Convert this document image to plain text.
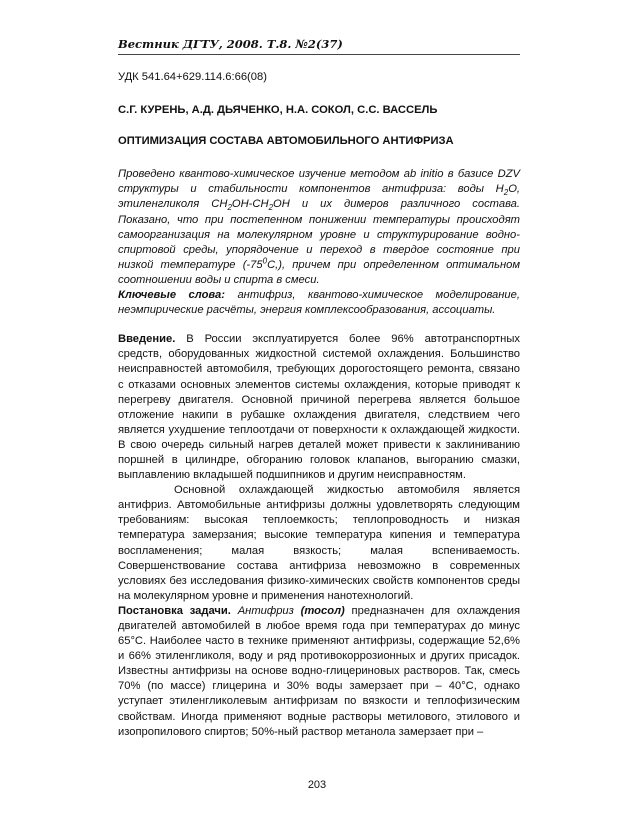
Вестник ДГТУ, 2008. Т.8. №2(37)

УДК 541.64+629.114.6:66(08)

С.Г. КУРЕНЬ, А.Д. ДЬЯЧЕНКО, Н.А. СОКОЛ, С.С. ВАССЕЛЬ

ОПТИМИЗАЦИЯ СОСТАВА АВТОМОБИЛЬНОГО АНТИФРИЗА

Проведено квантово-химическое изучение методом ab initio в базисе DZV структуры и стабильности компонентов антифриза: воды $H_2O$, этиленгликоля $CH_2OH-CH_2OH$ и их димеров различного состава. Показано, что при постепенном понижении температуры происходят самоорганизация на молекулярном уровне и структурирование водно-спиртовой среды, упорядочение и переход в твердое состояние при низкой температуре $(-75^0С,)$, причем при определенном оптимальном соотношении воды и спирта в смеси.

Ключевые слова: антифриз, квантово-химическое моделирование, неэмпирические расчёты, энергия комплексообразования, ассоциаты.

Введение. В России эксплуатируется более 96% автотранспортных средств, оборудованных жидкостной системой охлаждения. Большинство неисправностей автомобиля, требующих дорогостоящего ремонта, связано с отказами основных элементов системы охлаждения, которые приводят к перегреву двигателя. Основной причиной перегрева является большое отложение накипи в рубашке охлаждения двигателя, следствием чего является ухудшение теплоотдачи от поверхности к охлаждающей жидкости. В свою очередь сильный нагрев деталей может привести к заклиниванию поршней в цилиндре, обгоранию головок клапанов, выгоранию смазки, выплавлению вкладышей подшипников и другим неисправностям.

Основной охлаждающей жидкостью автомобиля является антифриз. Автомобильные антифризы должны удовлетворять следующим требованиям: высокая теплоемкость; теплопроводность и низкая температура замерзания; высокие температура кипения и температура воспламенения; малая вязкость; малая вспениваемость. Совершенствование состава антифриза невозможно в современных условиях без исследования физико-химических свойств компонентов среды на молекулярном уровне и применения нанотехнологий.

Постановка задачи. Антифриз (тосол) предназначен для охлаждения двигателей автомобилей в любое время года при температурах до минус 65°С. Наиболее часто в технике применяют антифризы, содержащие 52,6% и 66% этиленгликоля, воду и ряд противокоррозионных и других присадок. Известны антифризы на основе водно-глицериновых растворов. Так, смесь 70% (по массе) глицерина и 30% воды замерзает при – 40°С, однако уступает этиленгликолевым антифризам по вязкости и теплофизическим свойствам. Иногда применяют водные растворы метилового, этилового и изопропилового спиртов; 50%-ный раствор метанола замерзает при –

203
